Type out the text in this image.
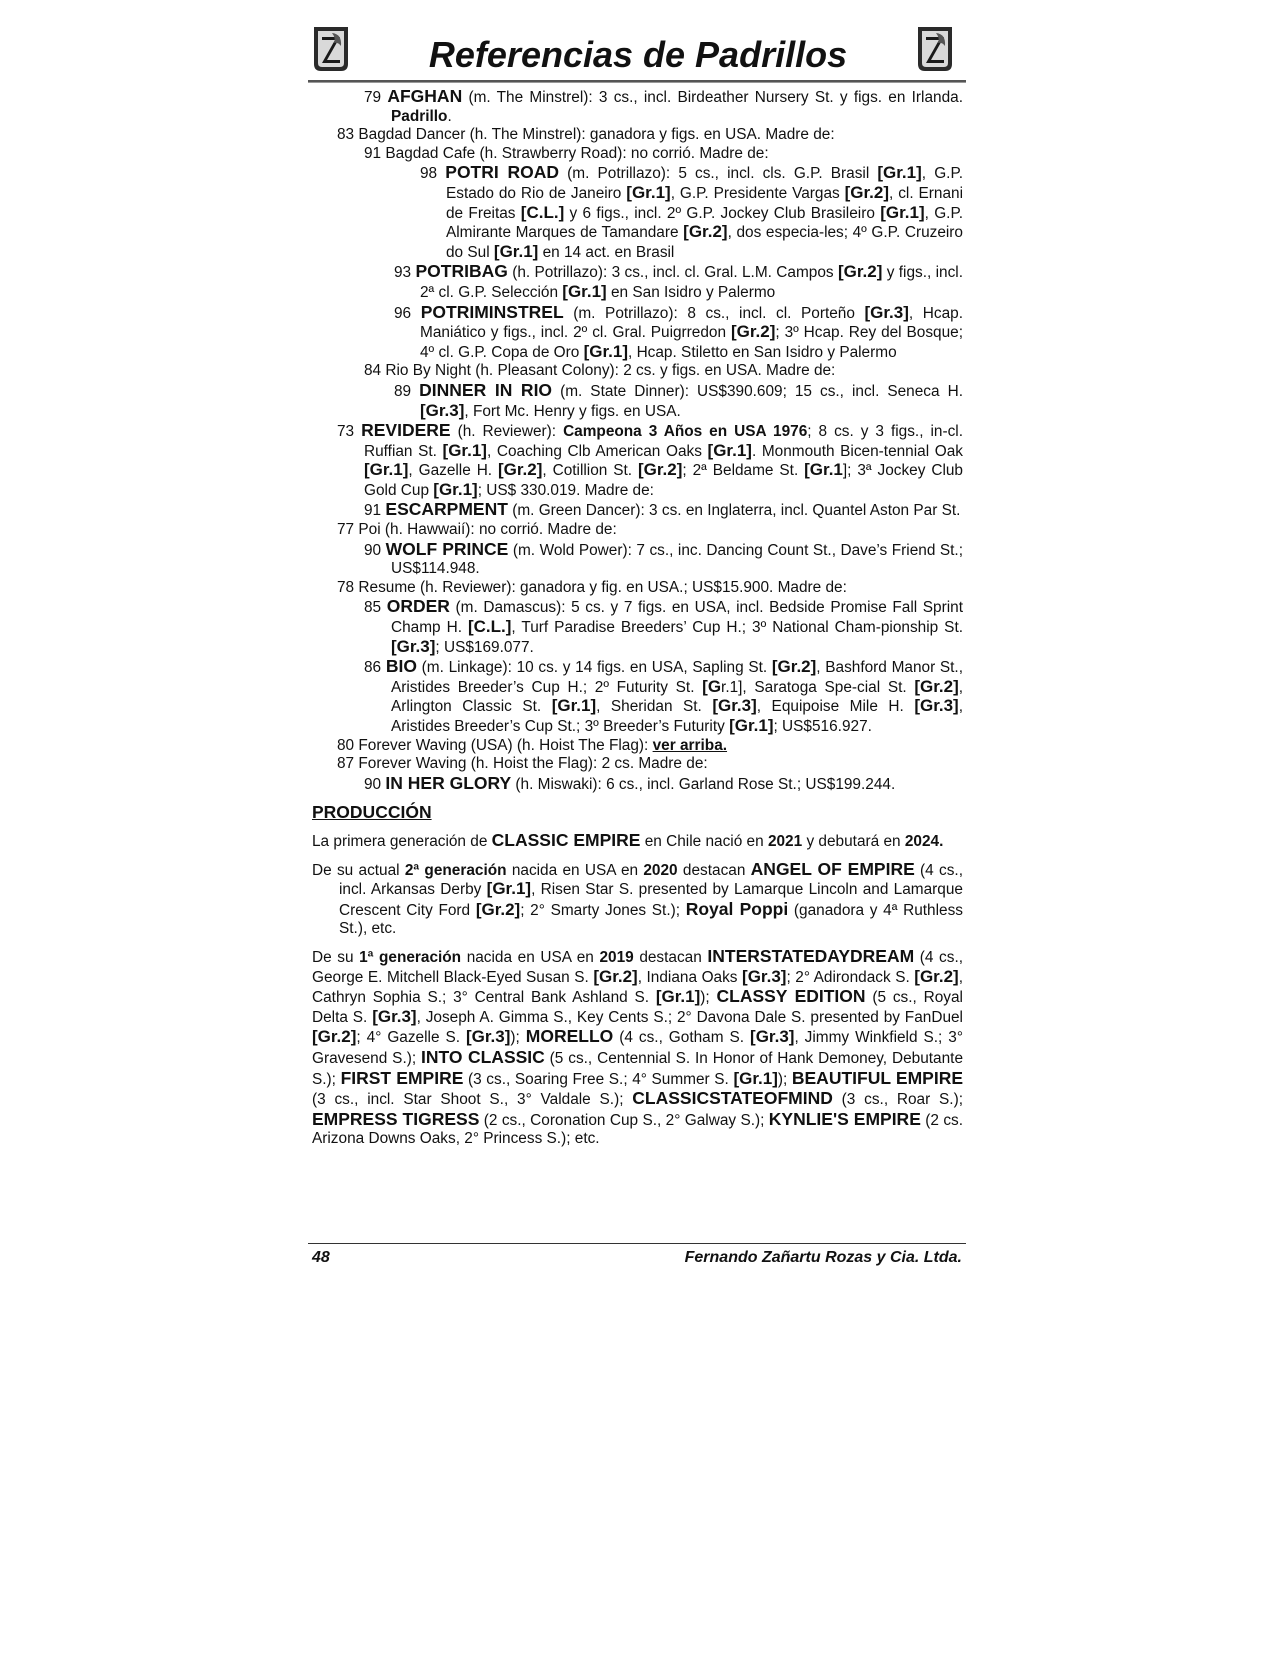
Referencias de Padrillos
79 AFGHAN (m. The Minstrel): 3 cs., incl. Birdeather Nursery St. y figs. en Irlanda. Padrillo.
83 Bagdad Dancer (h. The Minstrel): ganadora y figs. en USA. Madre de:
91 Bagdad Cafe (h. Strawberry Road): no corrió. Madre de:
98 POTRI ROAD (m. Potrillazo): 5 cs., incl. cls. G.P. Brasil [Gr.1], G.P. Estado do Rio de Janeiro [Gr.1], G.P. Presidente Vargas [Gr.2], cl. Ernani de Freitas [C.L.] y 6 figs., incl. 2º G.P. Jockey Club Brasileiro [Gr.1], G.P. Almirante Marques de Tamandare [Gr.2], dos especia-les; 4º G.P. Cruzeiro do Sul [Gr.1] en 14 act. en Brasil
93 POTRIBAG (h. Potrillazo): 3 cs., incl. cl. Gral. L.M. Campos [Gr.2] y figs., incl. 2ª cl. G.P. Selección [Gr.1] en San Isidro y Palermo
96 POTRIMINSTREL (m. Potrillazo): 8 cs., incl. cl. Porteño [Gr.3], Hcap. Maniático y figs., incl. 2º cl. Gral. Puigrredon [Gr.2]; 3º Hcap. Rey del Bosque; 4º cl. G.P. Copa de Oro [Gr.1], Hcap. Stiletto en San Isidro y Palermo
84 Rio By Night (h. Pleasant Colony): 2 cs. y figs. en USA. Madre de:
89 DINNER IN RIO (m. State Dinner): US$390.609; 15 cs., incl. Seneca H. [Gr.3], Fort Mc. Henry y figs. en USA.
73 REVIDERE (h. Reviewer): Campeona 3 Años en USA 1976; 8 cs. y 3 figs., in-cl. Ruffian St. [Gr.1], Coaching Clb American Oaks [Gr.1]. Monmouth Bicen-tennial Oak [Gr.1], Gazelle H. [Gr.2], Cotillion St. [Gr.2]; 2ª Beldame St. [Gr.1]; 3ª Jockey Club Gold Cup [Gr.1]; US$ 330.019. Madre de:
91 ESCARPMENT (m. Green Dancer): 3 cs. en Inglaterra, incl. Quantel Aston Par St.
77 Poi (h. Hawwaií): no corrió. Madre de:
90 WOLF PRINCE (m. Wold Power): 7 cs., inc. Dancing Count St., Dave’s Friend St.; US$114.948.
78 Resume (h. Reviewer): ganadora y fig. en USA.; US$15.900. Madre de:
85 ORDER (m. Damascus): 5 cs. y 7 figs. en USA, incl. Bedside Promise Fall Sprint Champ H. [C.L.], Turf Paradise Breeders’ Cup H.; 3º National Cham-pionship St. [Gr.3]; US$169.077.
86 BIO (m. Linkage): 10 cs. y 14 figs. en USA, Sapling St. [Gr.2], Bashford Manor St., Aristides Breeder’s Cup H.; 2º Futurity St. [Gr.1], Saratoga Spe-cial St. [Gr.2], Arlington Classic St. [Gr.1], Sheridan St. [Gr.3], Equipoise Mile H. [Gr.3], Aristides Breeder’s Cup St.; 3º Breeder’s Futurity [Gr.1]; US$516.927.
80 Forever Waving (USA) (h. Hoist The Flag): ver arriba.
87 Forever Waving (h. Hoist the Flag): 2 cs. Madre de:
90 IN HER GLORY (h. Miswaki): 6 cs., incl. Garland Rose St.; US$199.244.
PRODUCCIÓN
La primera generación de CLASSIC EMPIRE en Chile nació en 2021 y debutará en 2024.
De su actual 2ª generación nacida en USA en 2020 destacan ANGEL OF EMPIRE (4 cs., incl. Arkansas Derby [Gr.1], Risen Star S. presented by Lamarque Lincoln and Lamarque Crescent City Ford [Gr.2]; 2° Smarty Jones St.); Royal Poppi (ganadora y 4ª Ruthless St.), etc.
De su 1ª generación nacida en USA en 2019 destacan INTERSTATEDAYDREAM (4 cs., George E. Mitchell Black-Eyed Susan S. [Gr.2], Indiana Oaks [Gr.3]; 2° Adirondack S. [Gr.2], Cathryn Sophia S.; 3° Central Bank Ashland S. [Gr.1]); CLASSY EDITION (5 cs., Royal Delta S. [Gr.3], Joseph A. Gimma S., Key Cents S.; 2° Davona Dale S. presented by FanDuel [Gr.2]; 4° Gazelle S. [Gr.3]); MORELLO (4 cs., Gotham S. [Gr.3], Jimmy Winkfield S.; 3° Gravesend S.); INTO CLASSIC (5 cs., Centennial S. In Honor of Hank Demoney, Debutante S.); FIRST EMPIRE (3 cs., Soaring Free S.; 4° Summer S. [Gr.1]); BEAUTIFUL EMPIRE (3 cs., incl. Star Shoot S., 3° Valdale S.); CLASSICSTATEOFMIND (3 cs., Roar S.); EMPRESS TIGRESS (2 cs., Coronation Cup S., 2° Galway S.); KYNLIE'S EMPIRE (2 cs. Arizona Downs Oaks, 2° Princess S.); etc.
48	Fernando Zañartu Rozas y Cia. Ltda.
